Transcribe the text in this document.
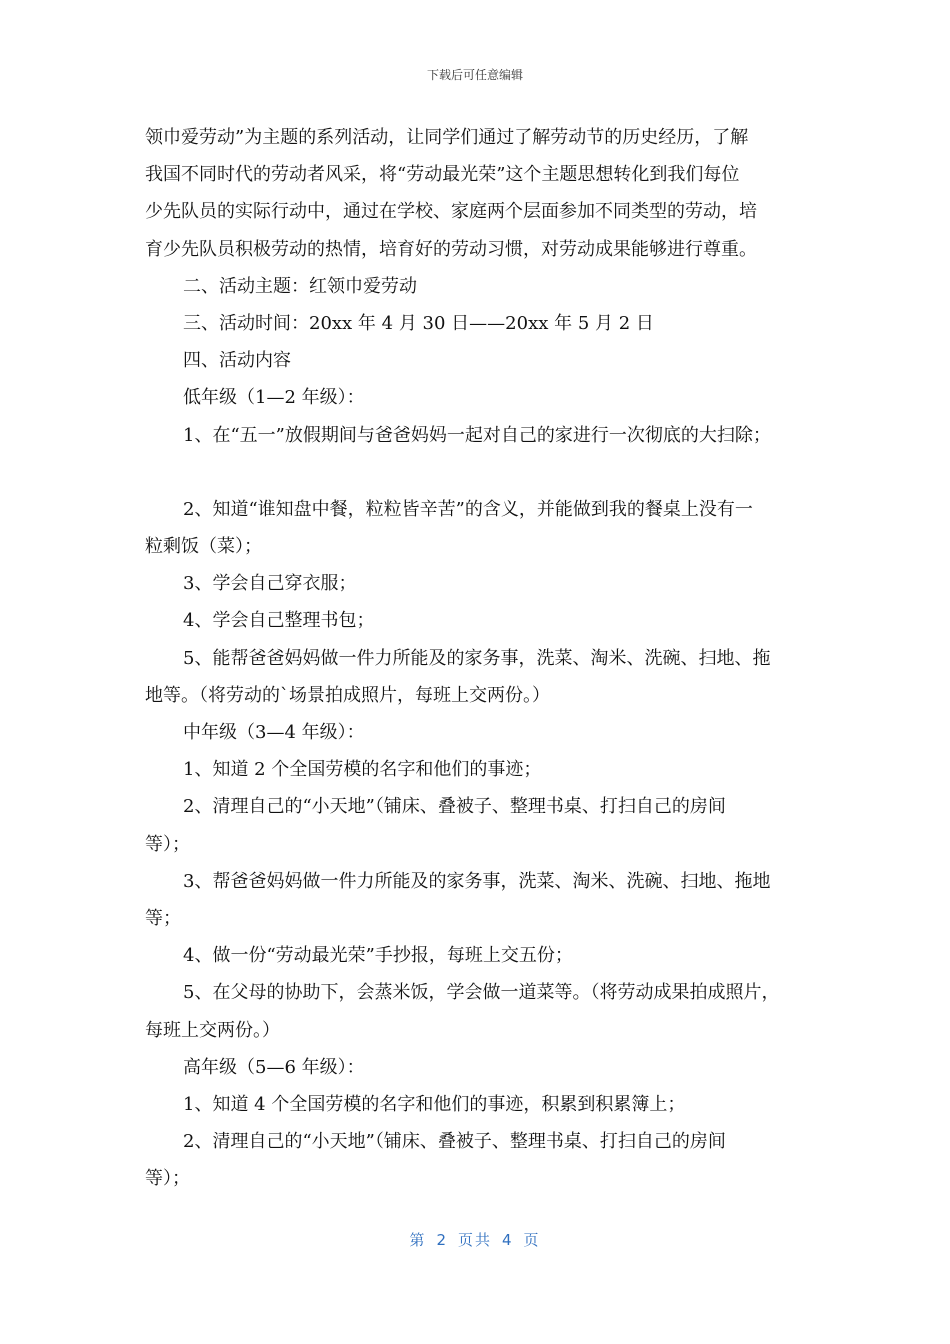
下载后可任意编辑
领巾爱劳动”为主题的系列活动，让同学们通过了解劳动节的历史经历，了解
我国不同时代的劳动者风采，将“劳动最光荣”这个主题思想转化到我们每位
少先队员的实际行动中，通过在学校、家庭两个层面参加不同类型的劳动，培
育少先队员积极劳动的热情，培育好的劳动习惯，对劳动成果能够进行尊重。
二、活动主题：红领巾爱劳动
三、活动时间：20xx 年 4 月 30 日——20xx 年 5 月 2 日
四、活动内容
低年级（1—2 年级）：
1、在“五一”放假期间与爸爸妈妈一起对自己的家进行一次彻底的大扫除；
2、知道“谁知盘中餐，粒粒皆辛苦”的含义，并能做到我的餐桌上没有一
粒剩饭（菜）；
3、学会自己穿衣服；
4、学会自己整理书包；
5、能帮爸爸妈妈做一件力所能及的家务事，洗菜、淘米、洗碗、扫地、拖
地等。（将劳动的`场景拍成照片，每班上交两份。）
中年级（3—4 年级）：
1、知道 2 个全国劳模的名字和他们的事迹；
2、清理自己的“小天地”（铺床、叠被子、整理书桌、打扫自己的房间
等）；
3、帮爸爸妈妈做一件力所能及的家务事，洗菜、淘米、洗碗、扫地、拖地
等；
4、做一份“劳动最光荣”手抄报，每班上交五份；
5、在父母的协助下，会蒸米饭，学会做一道菜等。（将劳动成果拍成照片，
每班上交两份。）
高年级（5—6 年级）：
1、知道 4 个全国劳模的名字和他们的事迹，积累到积累簿上；
2、清理自己的“小天地”（铺床、叠被子、整理书桌、打扫自己的房间
等）；
第 2 页共 4 页
